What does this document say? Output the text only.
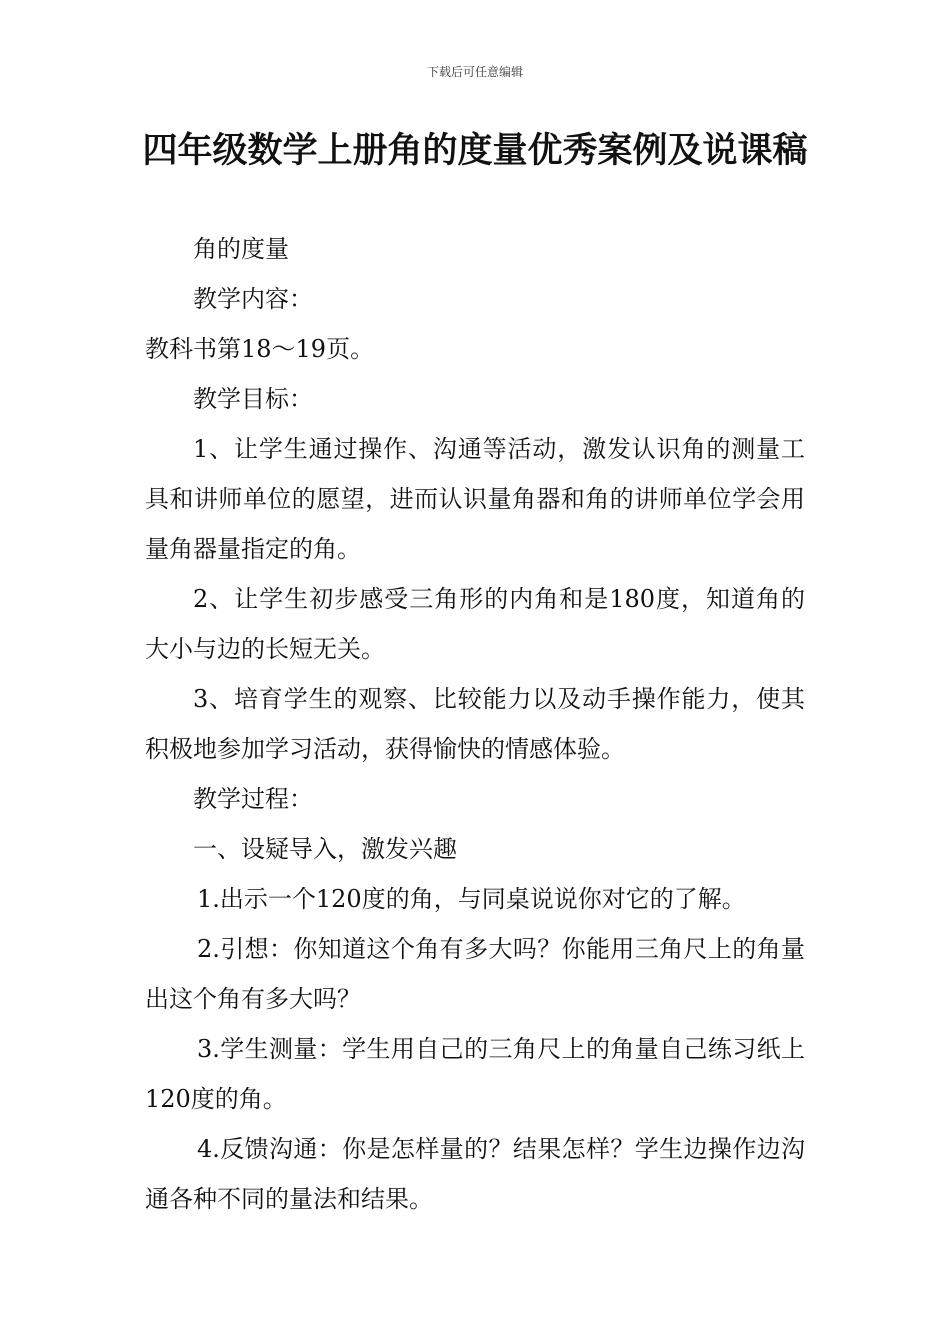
下载后可任意编辑
四年级数学上册角的度量优秀案例及说课稿

角的度量

教学内容：

教科书第18～19页。

教学目标：

1、让学生通过操作、沟通等活动，激发认识角的测量工具和讲师单位的愿望，进而认识量角器和角的讲师单位学会用量角器量指定的角。

2、让学生初步感受三角形的内角和是180度，知道角的大小与边的长短无关。

3、培育学生的观察、比较能力以及动手操作能力，使其积极地参加学习活动，获得愉快的情感体验。

教学过程：

一、设疑导入，激发兴趣

1.出示一个120度的角，与同桌说说你对它的了解。

2.引想：你知道这个角有多大吗？你能用三角尺上的角量出这个角有多大吗？

3.学生测量：学生用自己的三角尺上的角量自己练习纸上120度的角。

4.反馈沟通：你是怎样量的？结果怎样？学生边操作边沟通各种不同的量法和结果。
